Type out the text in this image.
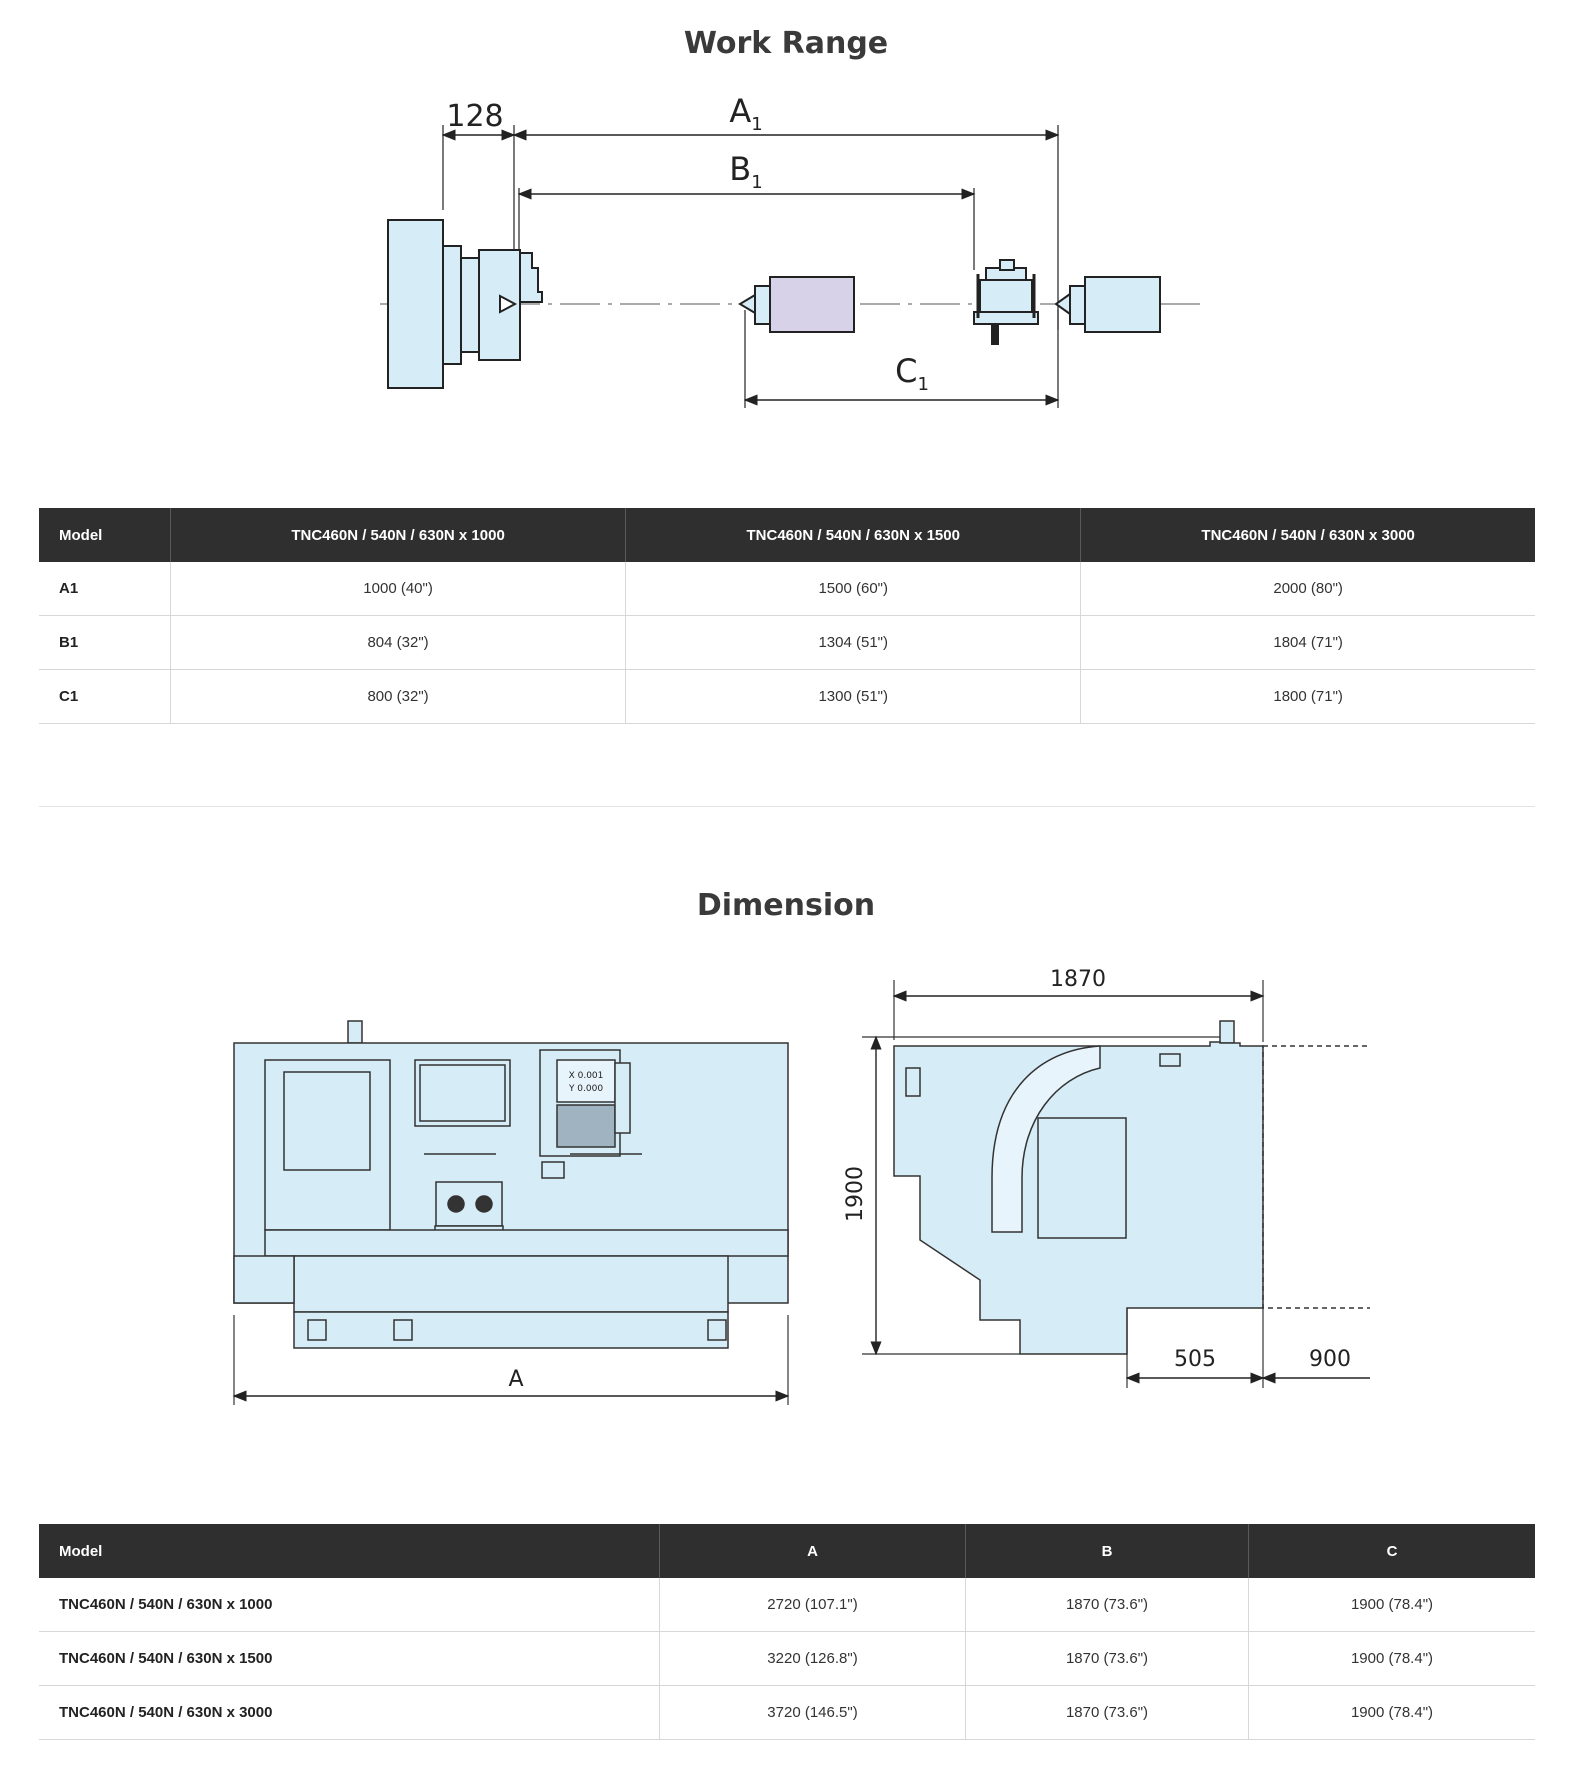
Work Range
128	$A_1$
$B_1$
$C_1$
Model	TNC460N / 540N / 630N x 1000	TNC460N / 540N / 630N x 1500	TNC460N / 540N / 630N x 3000
A1	1000 (40")	1500 (60")	2000 (80")
B1	804 (32")	1304 (51")	1804 (71")
C1	800 (32")	1300 (51")	1800 (71")
Dimension
X 0.001
Y 0.000
A
1870
1900
505	900
Model	A	B	C
TNC460N / 540N / 630N x 1000	2720 (107.1")	1870 (73.6")	1900 (78.4")
TNC460N / 540N / 630N x 1500	3220 (126.8")	1870 (73.6")	1900 (78.4")
TNC460N / 540N / 630N x 3000	3720 (146.5")	1870 (73.6")	1900 (78.4")
